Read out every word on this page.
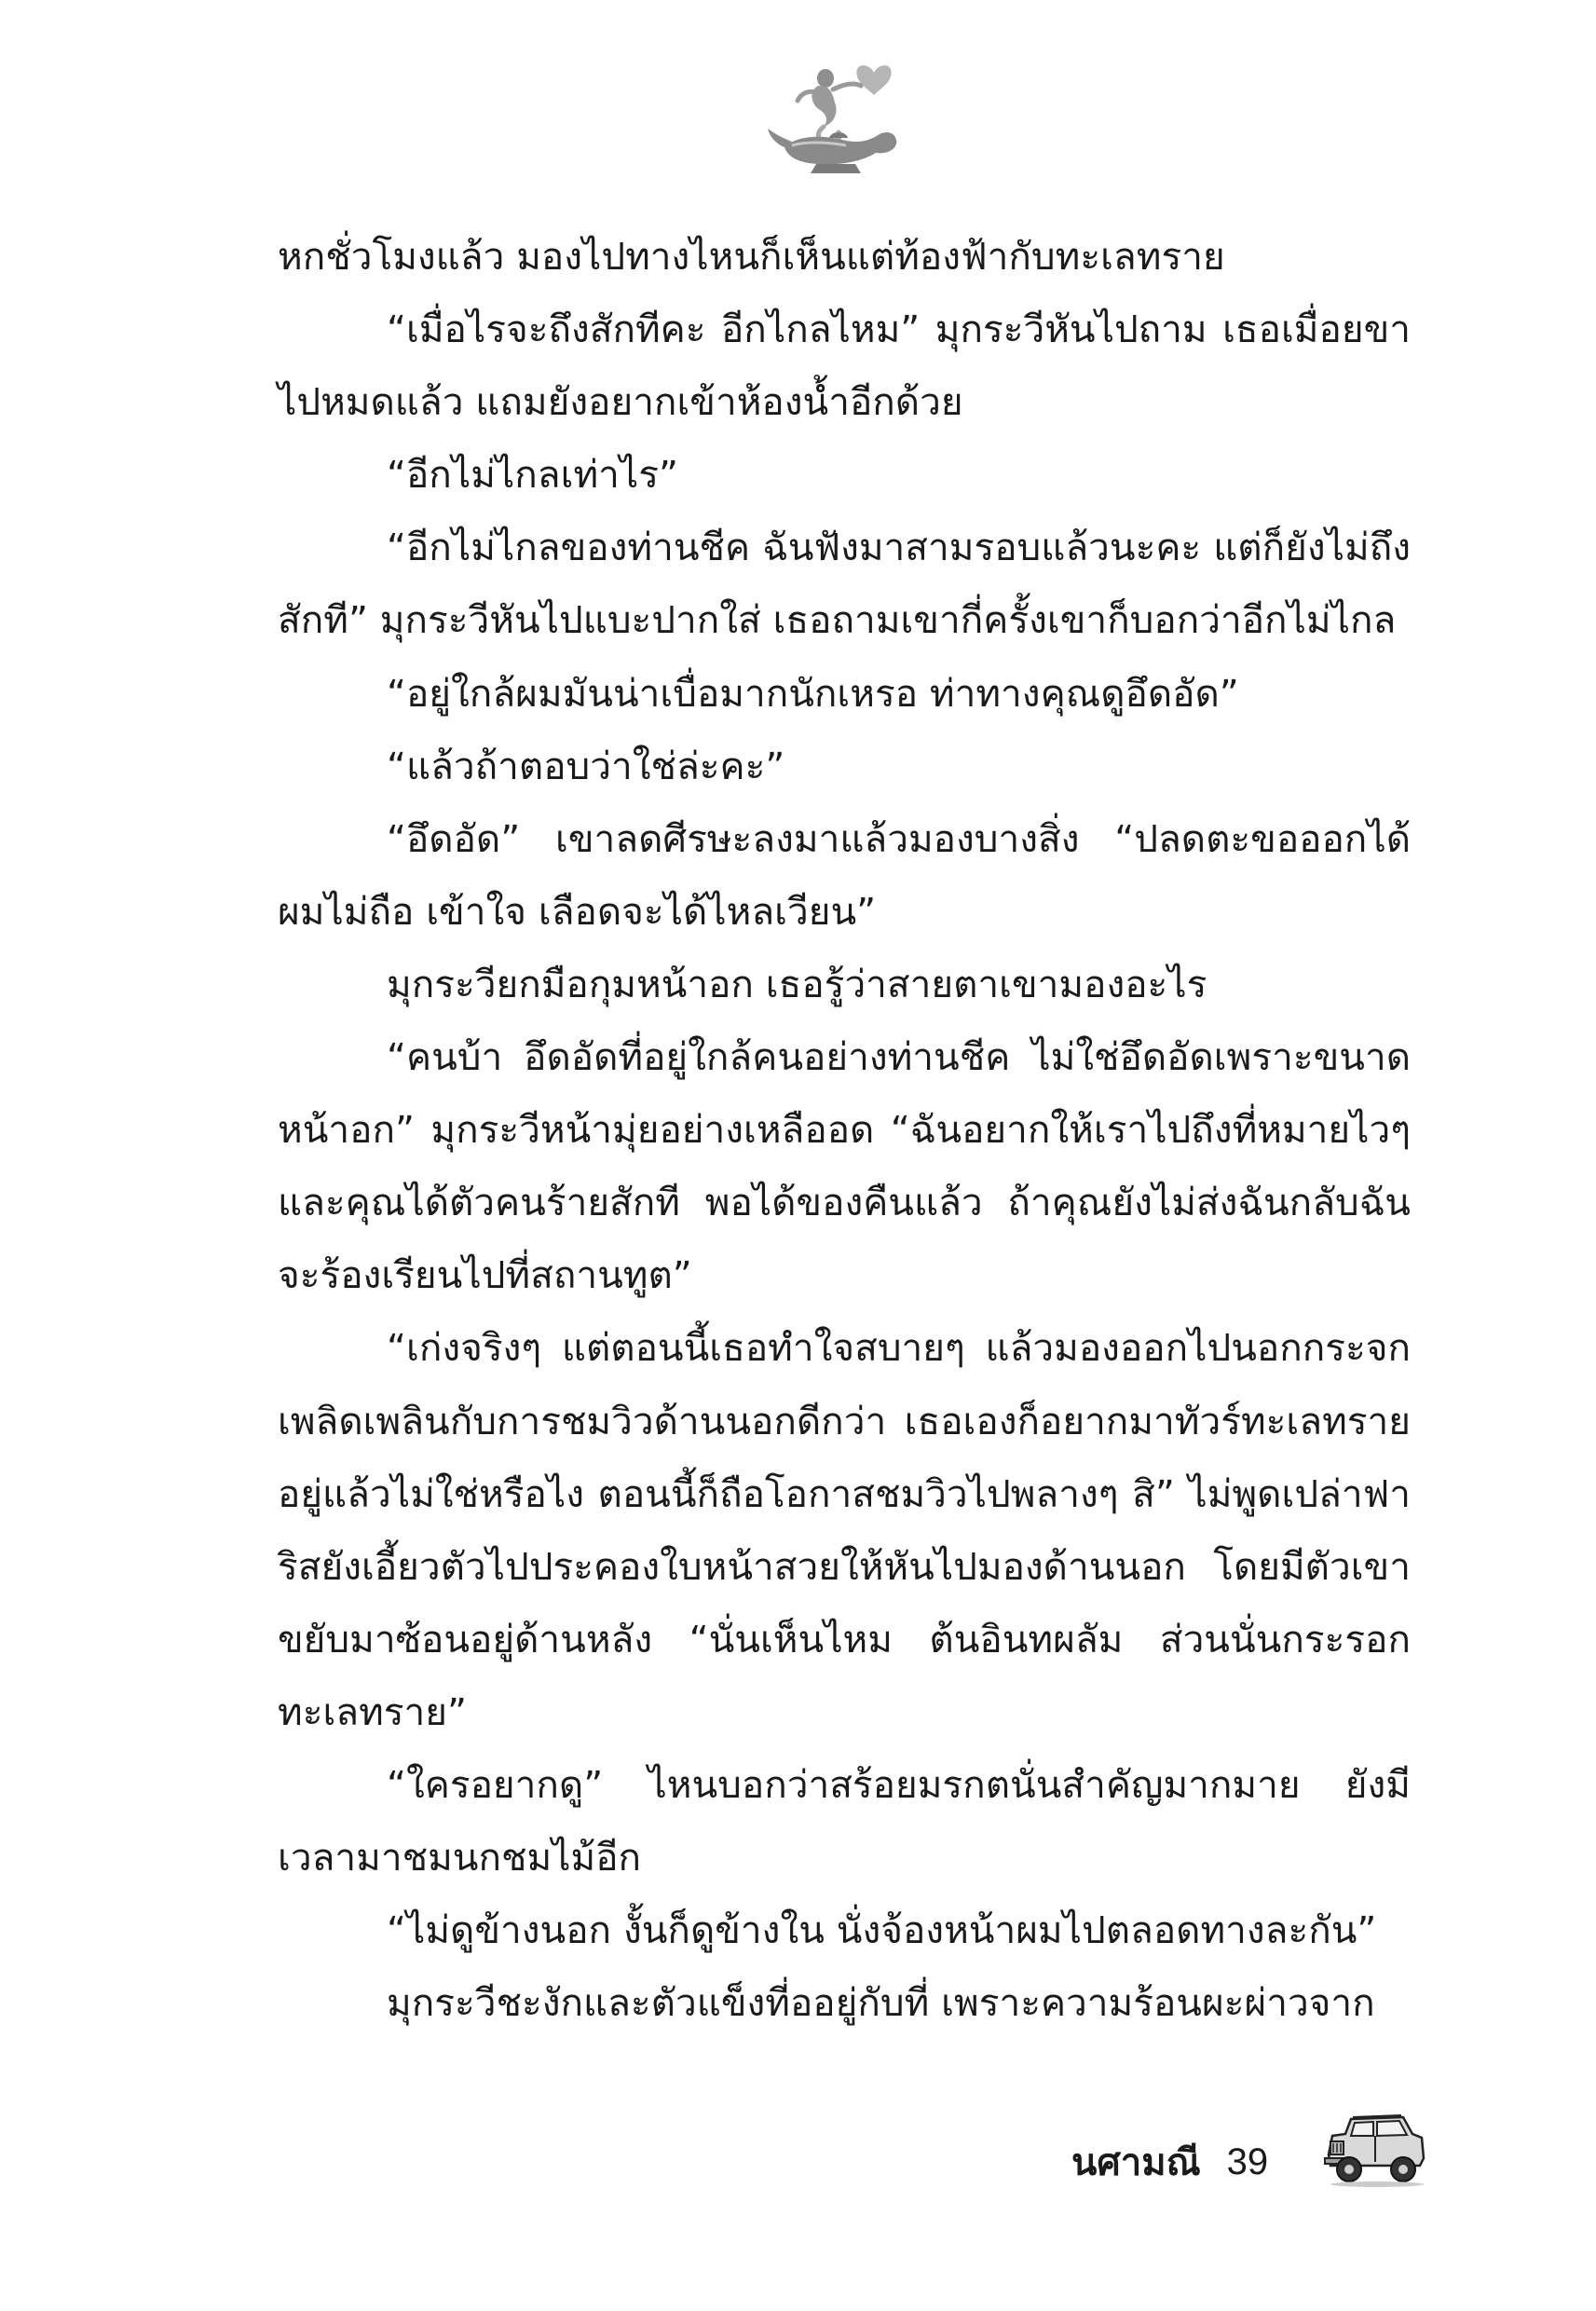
หกชั่วโมงแล้ว มองไปทางไหนก็เห็นแต่ท้องฟ้ากับทะเลทราย

“เมื่อไรจะถึงสักทีคะ อีกไกลไหม” มุกระวีหันไปถาม เธอเมื่อยขาไปหมดแล้ว แถมยังอยากเข้าห้องน้ำอีกด้วย

“อีกไม่ไกลเท่าไร”

“อีกไม่ไกลของท่านชีค ฉันฟังมาสามรอบแล้วนะคะ แต่ก็ยังไม่ถึงสักที” มุกระวีหันไปแบะปากใส่ เธอถามเขากี่ครั้งเขาก็บอกว่าอีกไม่ไกล

“อยู่ใกล้ผมมันน่าเบื่อมากนักเหรอ ท่าทางคุณดูอึดอัด”

“แล้วถ้าตอบว่าใช่ล่ะคะ”

“อึดอัด” เขาลดศีรษะลงมาแล้วมองบางสิ่ง “ปลดตะขอออกได้ผมไม่ถือ เข้าใจ เลือดจะได้ไหลเวียน”

มุกระวียกมือกุมหน้าอก เธอรู้ว่าสายตาเขามองอะไร

“คนบ้า อึดอัดที่อยู่ใกล้คนอย่างท่านชีค ไม่ใช่อึดอัดเพราะขนาดหน้าอก” มุกระวีหน้ามุ่ยอย่างเหลืออด “ฉันอยากให้เราไปถึงที่หมายไวๆ และคุณได้ตัวคนร้ายสักที พอได้ของคืนแล้ว ถ้าคุณยังไม่ส่งฉันกลับฉันจะร้องเรียนไปที่สถานทูต”

“เก่งจริงๆ แต่ตอนนี้เธอทำใจสบายๆ แล้วมองออกไปนอกกระจกเพลิดเพลินกับการชมวิวด้านนอกดีกว่า เธอเองก็อยากมาทัวร์ทะเลทรายอยู่แล้วไม่ใช่หรือไง ตอนนี้ก็ถือโอกาสชมวิวไปพลางๆ สิ” ไม่พูดเปล่าฟาริสยังเอี้ยวตัวไปประคองใบหน้าสวยให้หันไปมองด้านนอก โดยมีตัวเขาขยับมาซ้อนอยู่ด้านหลัง “นั่นเห็นไหม ต้นอินทผลัม ส่วนนั่นกระรอกทะเลทราย”

“ใครอยากดู” ไหนบอกว่าสร้อยมรกตนั่นสำคัญมากมาย ยังมีเวลามาชมนกชมไม้อีก

“ไม่ดูข้างนอก งั้นก็ดูข้างใน นั่งจ้องหน้าผมไปตลอดทางละกัน”

มุกระวีชะงักและตัวแข็งที่ออยู่กับที่ เพราะความร้อนผะผ่าวจาก

นศามณี 39
